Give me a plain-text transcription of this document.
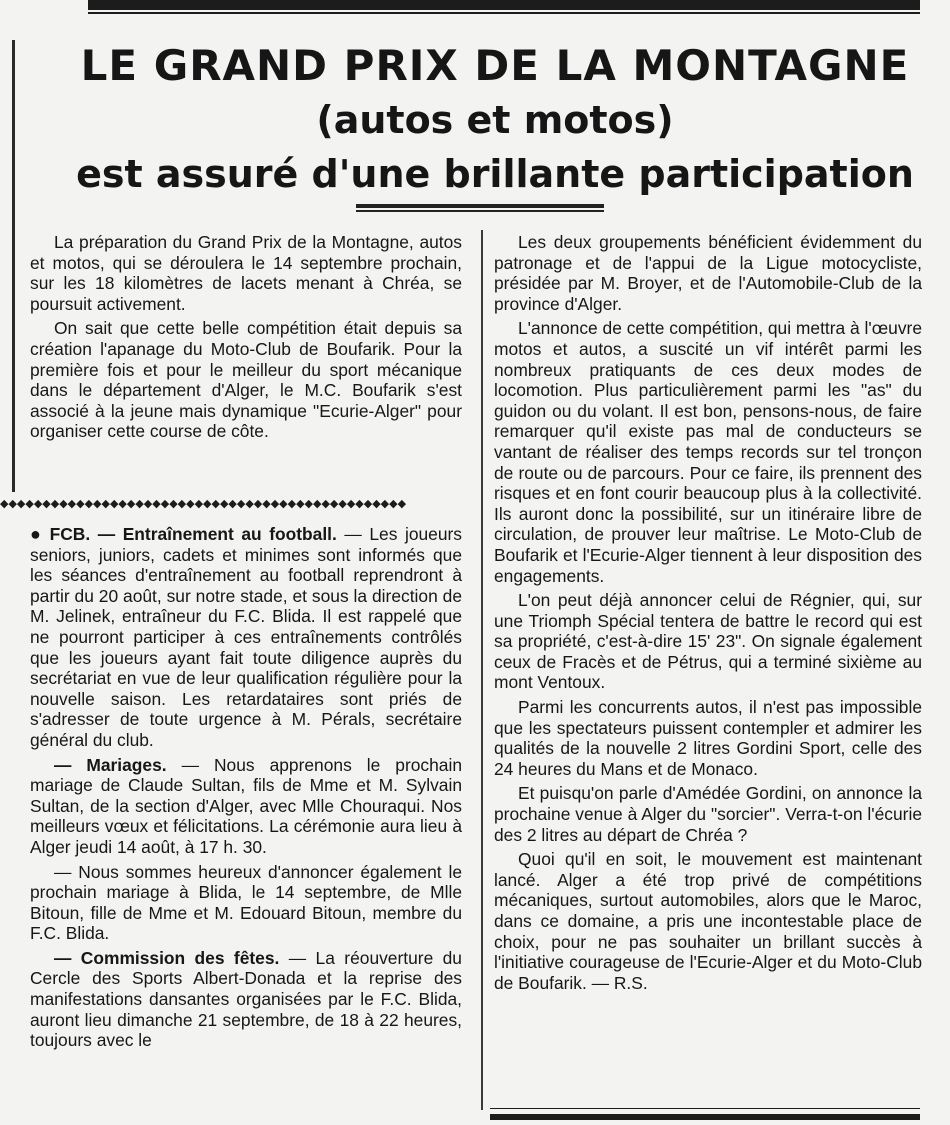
LE GRAND PRIX DE LA MONTAGNE
(autos et motos)
est assuré d'une brillante participation

La préparation du Grand Prix de la Montagne, autos et motos, qui se déroulera le 14 septembre prochain, sur les 18 kilomètres de lacets menant à Chréa, se poursuit activement.

On sait que cette belle compétition était depuis sa création l'apanage du Moto-Club de Boufarik. Pour la première fois et pour le meilleur du sport mécanique dans le département d'Alger, le M.C. Boufarik s'est associé à la jeune mais dynamique "Ecurie-Alger" pour organiser cette course de côte.

◆◆◆◆◆◆◆◆◆◆◆◆◆◆◆◆◆◆◆◆◆◆◆◆◆◆◆◆◆◆◆◆◆◆◆◆◆◆◆◆◆◆◆◆◆◆◆◆

● FCB. — Entraînement au football. — Les joueurs seniors, juniors, cadets et minimes sont informés que les séances d'entraînement au football reprendront à partir du 20 août, sur notre stade, et sous la direction de M. Jelinek, entraîneur du F.C. Blida. Il est rappelé que ne pourront participer à ces entraînements contrôlés que les joueurs ayant fait toute diligence auprès du secrétariat en vue de leur qualification régulière pour la nouvelle saison. Les retardataires sont priés de s'adresser de toute urgence à M. Pérals, secrétaire général du club.

— Mariages. — Nous apprenons le prochain mariage de Claude Sultan, fils de Mme et M. Sylvain Sultan, de la section d'Alger, avec Mlle Chouraqui. Nos meilleurs vœux et félicitations. La cérémonie aura lieu à Alger jeudi 14 août, à 17 h. 30.

— Nous sommes heureux d'annoncer également le prochain mariage à Blida, le 14 septembre, de Mlle Bitoun, fille de Mme et M. Edouard Bitoun, membre du F.C. Blida.

— Commission des fêtes. — La réouverture du Cercle des Sports Albert-Donada et la reprise des manifestations dansantes organisées par le F.C. Blida, auront lieu dimanche 21 septembre, de 18 à 22 heures, toujours avec le

Les deux groupements bénéficient évidemment du patronage et de l'appui de la Ligue motocycliste, présidée par M. Broyer, et de l'Automobile-Club de la province d'Alger.

L'annonce de cette compétition, qui mettra à l'œuvre motos et autos, a suscité un vif intérêt parmi les nombreux pratiquants de ces deux modes de locomotion. Plus particulièrement parmi les "as" du guidon ou du volant. Il est bon, pensons-nous, de faire remarquer qu'il existe pas mal de conducteurs se vantant de réaliser des temps records sur tel tronçon de route ou de parcours. Pour ce faire, ils prennent des risques et en font courir beaucoup plus à la collectivité. Ils auront donc la possibilité, sur un itinéraire libre de circulation, de prouver leur maîtrise. Le Moto-Club de Boufarik et l'Ecurie-Alger tiennent à leur disposition des engagements.

L'on peut déjà annoncer celui de Régnier, qui, sur une Triomph Spécial tentera de battre le record qui est sa propriété, c'est-à-dire 15' 23". On signale également ceux de Fracès et de Pétrus, qui a terminé sixième au mont Ventoux.

Parmi les concurrents autos, il n'est pas impossible que les spectateurs puissent contempler et admirer les qualités de la nouvelle 2 litres Gordini Sport, celle des 24 heures du Mans et de Monaco.

Et puisqu'on parle d'Amédée Gordini, on annonce la prochaine venue à Alger du "sorcier". Verra-t-on l'écurie des 2 litres au départ de Chréa ?

Quoi qu'il en soit, le mouvement est maintenant lancé. Alger a été trop privé de compétitions mécaniques, surtout automobiles, alors que le Maroc, dans ce domaine, a pris une incontestable place de choix, pour ne pas souhaiter un brillant succès à l'initiative courageuse de l'Ecurie-Alger et du Moto-Club de Boufarik. — R.S.
